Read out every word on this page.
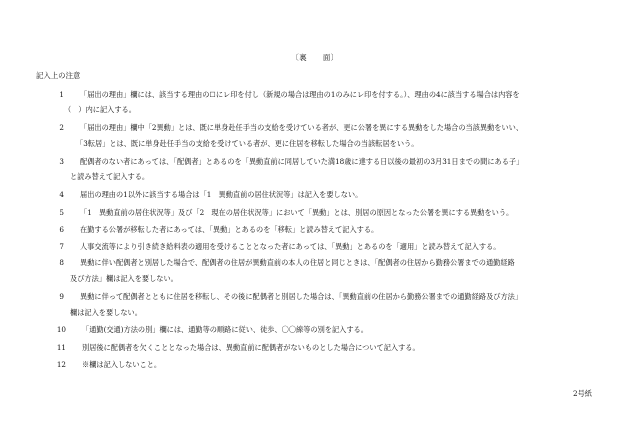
〔裏　　面〕
記入上の注意
1 「届出の理由」欄には、該当する理由の☐にレ印を付し（新規の場合は理由の1のみにレ印を付する。）、理由の4に該当する場合は内容を
（　）内に記入する。
2 「届出の理由」欄中「2異動」とは、既に単身赴任手当の支給を受けている者が、更に公署を異にする異動をした場合の当該異動をいい、
「3転居」とは、既に単身赴任手当の支給を受けている者が、更に住居を移転した場合の当該転居をいう。
3 配偶者のない者にあっては、「配偶者」とあるのを「異動直前に同居していた満18歳に達する日以後の最初の3月31日までの間にある子」
と読み替えて記入する。
4 届出の理由の1以外に該当する場合は「1　異動直前の居住状況等」は記入を要しない。
5 「1　異動直前の居住状況等」及び「2　現在の居住状況等」において「異動」とは、別居の原因となった公署を異にする異動をいう。
6 在勤する公署が移転した者にあっては、「異動」とあるのを「移転」と読み替えて記入する。
7 人事交流等により引き続き給料表の適用を受けることとなった者にあっては、「異動」とあるのを「適用」と読み替えて記入する。
8 異動に伴い配偶者と別居した場合で、配偶者の住居が異動直前の本人の住居と同じときは、「配偶者の住居から勤務公署までの通勤経路
及び方法」欄は記入を要しない。
9 異動に伴って配偶者とともに住居を移転し、その後に配偶者と別居した場合は、「異動直前の住居から勤務公署までの通勤経路及び方法」
欄は記入を要しない。
10 「通勤(交通)方法の別」欄には、通勤等の順路に従い、徒歩、〇〇線等の別を記入する。
11 別居後に配偶者を欠くこととなった場合は、異動直前に配偶者がないものとした場合について記入する。
12 ※欄は記入しないこと。
2号紙
